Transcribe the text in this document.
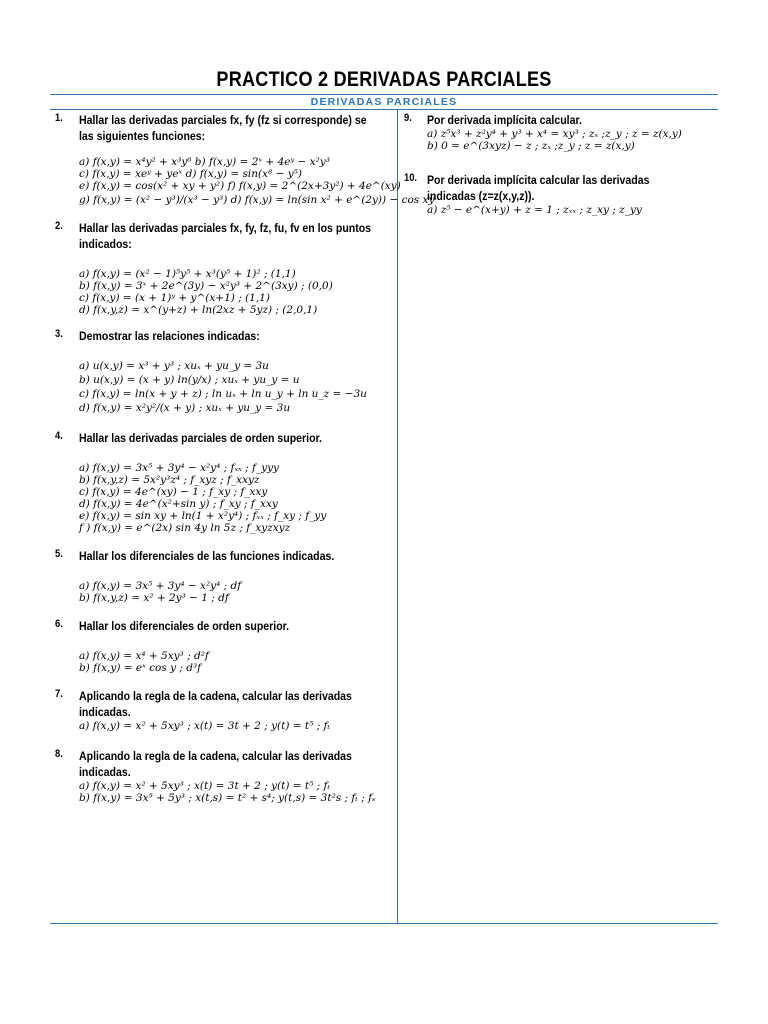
PRACTICO 2 DERIVADAS PARCIALES
DERIVADAS PARCIALES
1. Hallar las derivadas parciales fx, fy (fz si corresponde) se las siguientes funciones:
a) f(x,y) = x⁴y² + x³y⁶ b) f(x,y) = 2ˣ + 4eʸ − x²y³
c) f(x,y) = xeʸ + yeˣ d) f(x,y) = sin(x⁸ − y⁵)
e) f(x,y) = cos(x² + xy + y²) f) f(x,y) = 2^(2x+3y²) + 4e^(xy)
g) f(x,y) = (x² − y³)/(x³ − y³) d) f(x,y) = ln(sin x² + e^(2y)) − cos xy
2. Hallar las derivadas parciales fx, fy, fz, fu, fv en los puntos indicados:
a) f(x,y) = (x² − 1)⁵y⁵ + x³(y⁵ + 1)² ; (1,1)
b) f(x,y) = 3ˣ + 2e^(3y) − x²y³ + 2^(3xy) ; (0,0)
c) f(x,y) = (x + 1)ʸ + y^(x+1) ; (1,1)
d) f(x,y,z) = x^(y+z) + ln(2xz + 5yz) ; (2,0,1)
3. Demostrar las relaciones indicadas:
a) u(x,y) = x³ + y³ ; xuₓ + yu_y = 3u
b) u(x,y) = (x + y) ln(y/x) ; xuₓ + yu_y = u
c) f(x,y) = ln(x + y + z) ; ln uₓ + ln u_y + ln u_z = −3u
d) f(x,y) = x²y²/(x + y) ; xuₓ + yu_y = 3u
4. Hallar las derivadas parciales de orden superior.
a) f(x,y) = 3x⁵ + 3y⁴ − x²y⁴ ; fₓₓ ; f_yyy
b) f(x,y,z) = 5x²y³z⁴ ; f_xyz ; f_xxyz
c) f(x,y) = 4e^(xy) − 1 ; f_xy ; f_xxy
d) f(x,y) = 4e^(x²+sin y) ; f_xy ; f_xxy
e) f(x,y) = sin xy + ln(1 + x²y⁴) ; fₓₓ ; f_xy ; f_yy
f ) f(x,y) = e^(2x) sin 4y ln 5z ; f_xyzxyz
5. Hallar los diferenciales de las funciones indicadas.
a) f(x,y) = 3x⁵ + 3y⁴ − x²y⁴ ; df
b) f(x,y,z) = x² + 2y³ − 1 ; df
6. Hallar los diferenciales de orden superior.
a) f(x,y) = x⁴ + 5xy³ ; d²f
b) f(x,y) = eˣ cos y ; d³f
7. Aplicando la regla de la cadena, calcular las derivadas indicadas.
a) f(x,y) = x² + 5xy³ ; x(t) = 3t + 2 ; y(t) = t⁵ ; fₜ
8. Aplicando la regla de la cadena, calcular las derivadas indicadas.
a) f(x,y) = x² + 5xy³ ; x(t) = 3t + 2 ; y(t) = t⁵ ; fₜ
b) f(x,y) = 3x⁵ + 5y³ ; x(t,s) = t² + s⁴; y(t,s) = 3t²s ; fₜ ; fₛ
9. Por derivada implícita calcular.
a) z⁵x³ + z²y⁴ + y³ + x⁴ = xy³ ; zₓ ;z_y ; z = z(x,y)
b) 0 = e^(3xyz) − z ; zₓ ;z_y ; z = z(x,y)
10. Por derivada implícita calcular las derivadas indicadas (z=z(x,y,z)).
a) z⁵ − e^(x+y) + z = 1 ; zₓₓ ; z_xy ; z_yy
